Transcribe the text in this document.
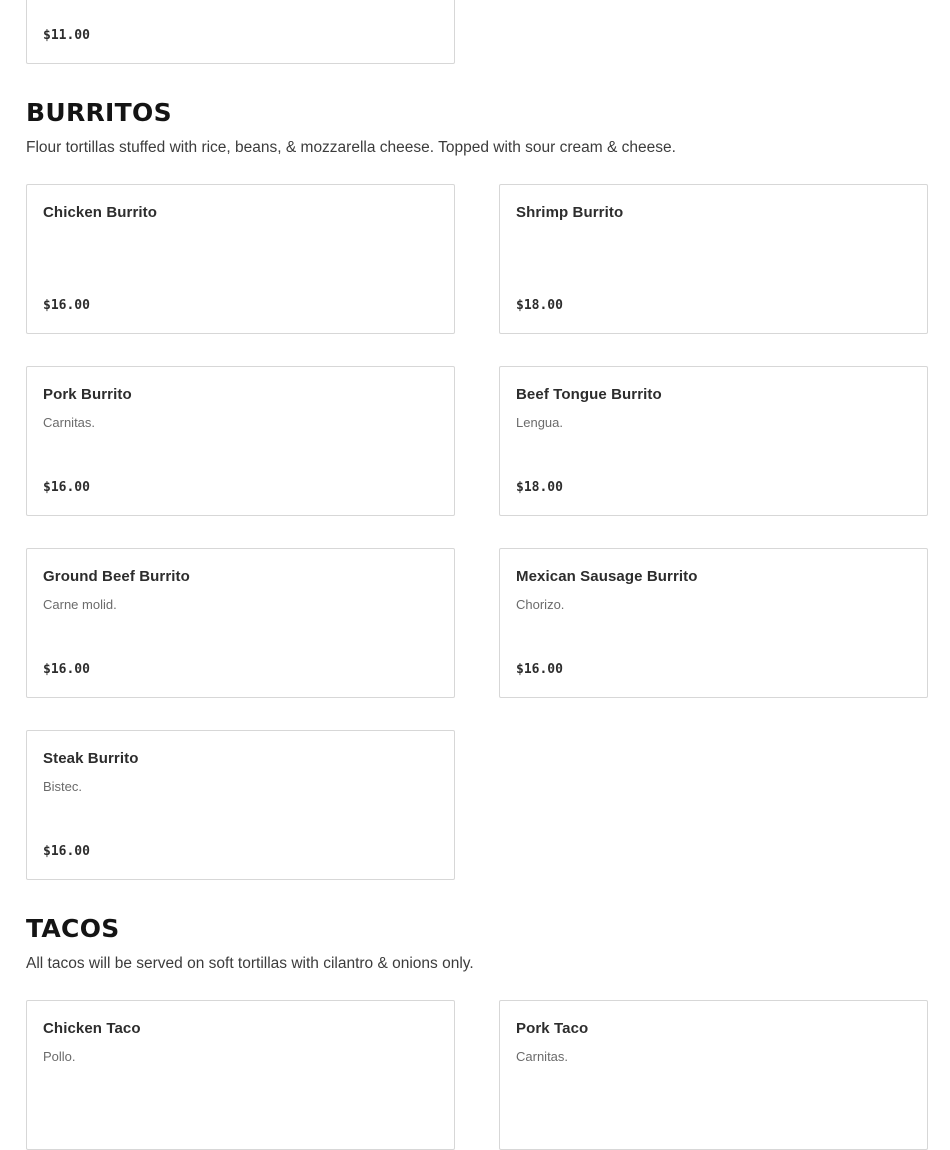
$11.00
BURRITOS

Flour tortillas stuffed with rice, beans, & mozzarella cheese. Topped with sour cream & cheese.

Chicken Burrito
$16.00
Shrimp Burrito
$18.00
Pork Burrito
Carnitas.
$16.00
Beef Tongue Burrito
Lengua.
$18.00
Ground Beef Burrito
Carne molid.
$16.00
Mexican Sausage Burrito
Chorizo.
$16.00
Steak Burrito
Bistec.
$16.00
TACOS

All tacos will be served on soft tortillas with cilantro & onions only.

Chicken Taco
Pollo.
Pork Taco
Carnitas.
